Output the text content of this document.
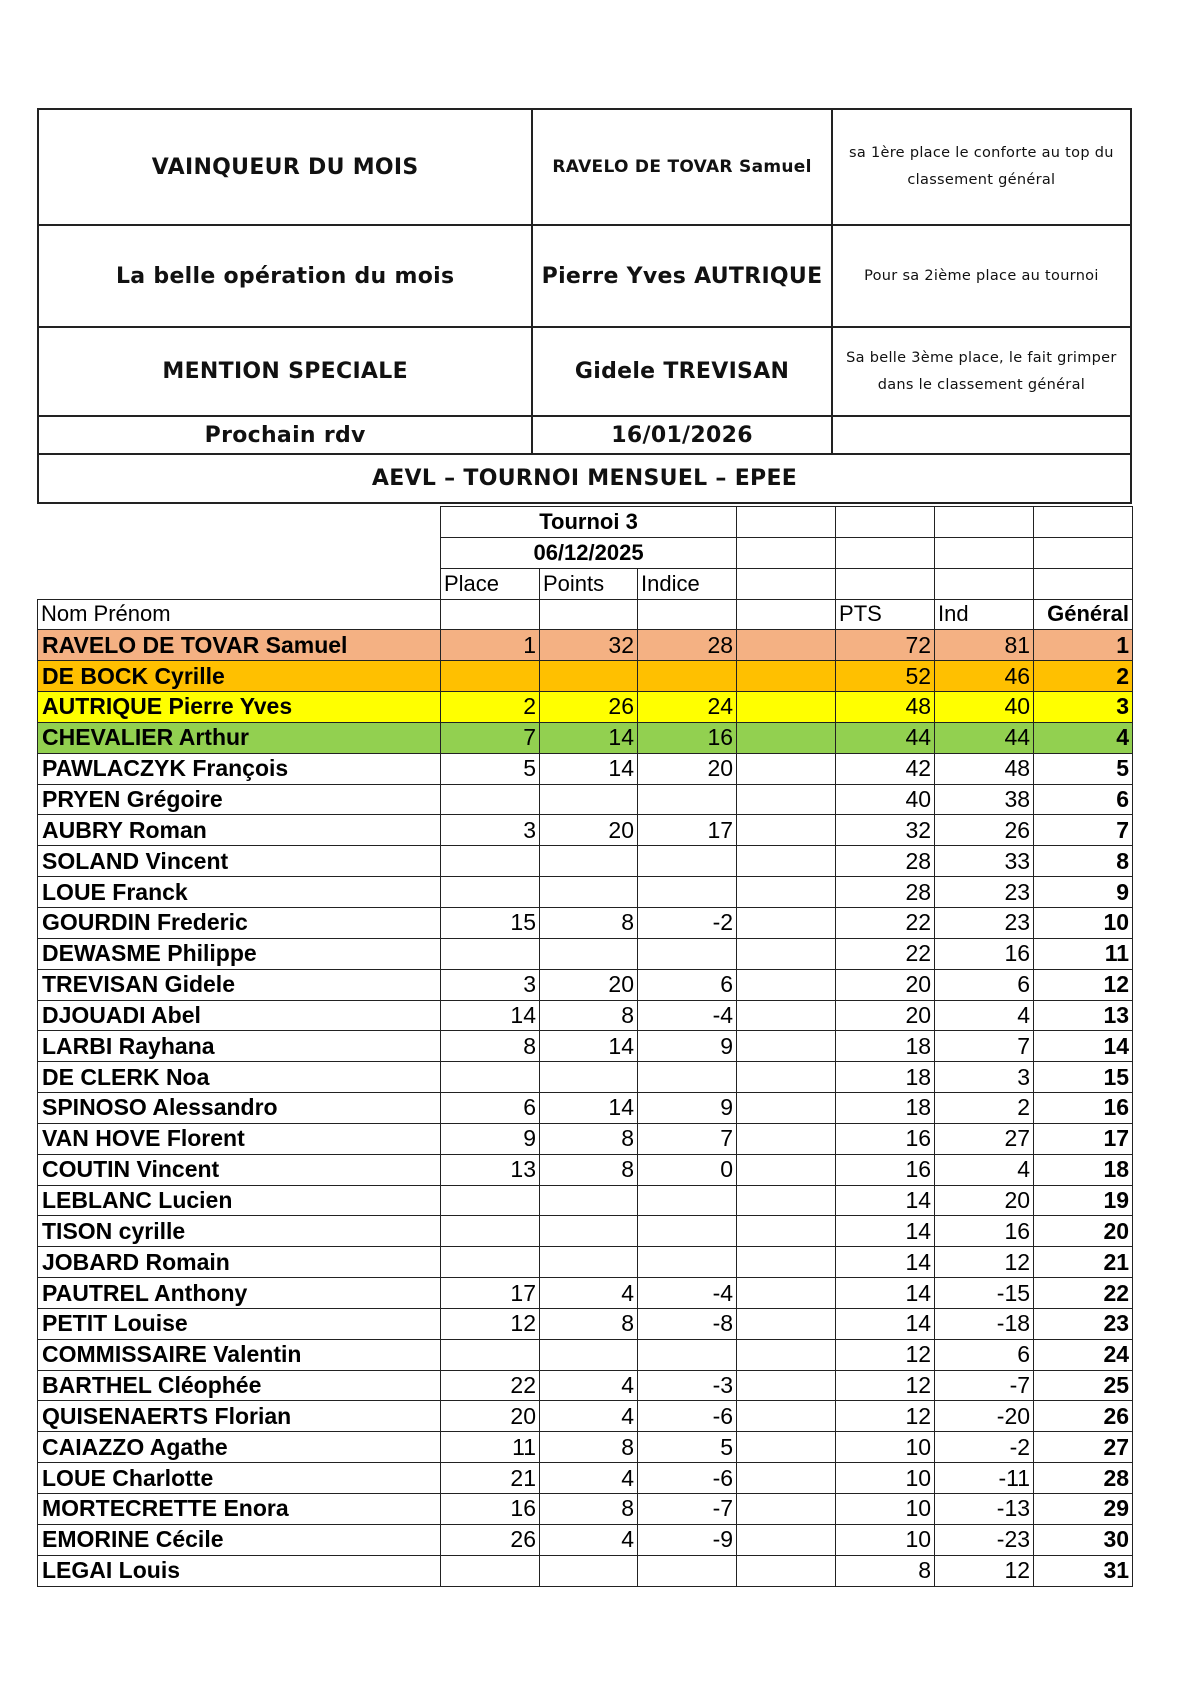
VAINQUEUR DU MOIS	RAVELO DE TOVAR Samuel	sa 1ère place le conforte au top du
classement général

La belle opération du mois	Pierre Yves AUTRIQUE	Pour sa 2ième place au tournoi

MENTION SPECIALE	Gidele TREVISAN	Sa belle 3ème place, le fait grimper
dans le classement général

Prochain rdv	16/01/2026	
AEVL – TOURNOI MENSUEL – EPEE		
	Tournoi 3						
	06/12/2025						
	Place	Points	Indice				
Nom Prénom					PTS	Ind	Général
RAVELO DE TOVAR Samuel	1	32	28		72	81	1
DE BOCK Cyrille					52	46	2
AUTRIQUE Pierre Yves	2	26	24		48	40	3
CHEVALIER Arthur	7	14	16		44	44	4
PAWLACZYK François	5	14	20		42	48	5
PRYEN Grégoire					40	38	6
AUBRY Roman	3	20	17		32	26	7
SOLAND Vincent					28	33	8
LOUE Franck					28	23	9
GOURDIN Frederic	15	8	-2		22	23	10
DEWASME Philippe					22	16	11
TREVISAN Gidele	3	20	6		20	6	12
DJOUADI Abel	14	8	-4		20	4	13
LARBI Rayhana	8	14	9		18	7	14
DE CLERK Noa					18	3	15
SPINOSO Alessandro	6	14	9		18	2	16
VAN HOVE Florent	9	8	7		16	27	17
COUTIN Vincent	13	8	0		16	4	18
LEBLANC Lucien					14	20	19
TISON cyrille					14	16	20
JOBARD Romain					14	12	21
PAUTREL Anthony	17	4	-4		14	-15	22
PETIT Louise	12	8	-8		14	-18	23
COMMISSAIRE Valentin					12	6	24
BARTHEL Cléophée	22	4	-3		12	-7	25
QUISENAERTS Florian	20	4	-6		12	-20	26
CAIAZZO Agathe	11	8	5		10	-2	27
LOUE Charlotte	21	4	-6		10	-11	28
MORTECRETTE Enora	16	8	-7		10	-13	29
EMORINE Cécile	26	4	-9		10	-23	30
LEGAI Louis					8	12	31
